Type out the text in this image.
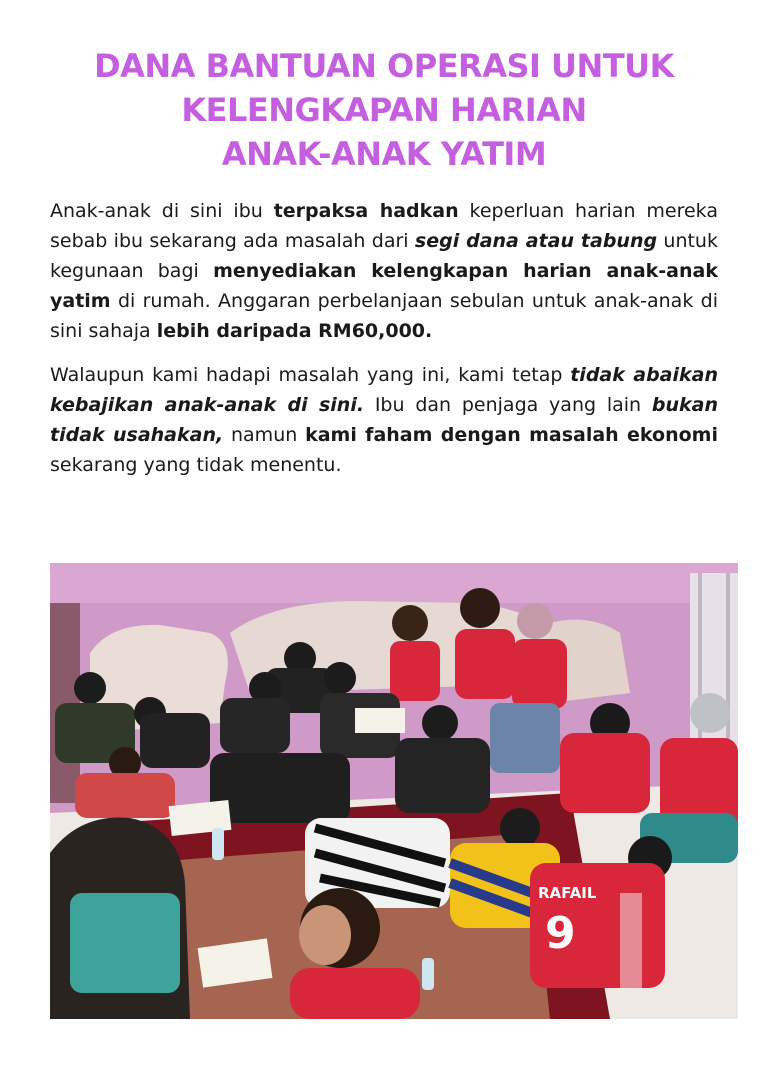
DANA BANTUAN OPERASI UNTUK
KELENGKAPAN HARIAN
ANAK-ANAK YATIM

Anak-anak di sini ibu terpaksa hadkan keperluan harian mereka sebab ibu sekarang ada masalah dari segi dana atau tabung untuk kegunaan bagi menyediakan kelengkapan harian anak-anak yatim di rumah. Anggaran perbelanjaan sebulan untuk anak-anak di sini sahaja lebih daripada RM60,000.

Walaupun kami hadapi masalah yang ini, kami tetap tidak abaikan kebajikan anak-anak di sini. Ibu dan penjaga yang lain bukan tidak usahakan, namun kami faham dengan masalah ekonomi sekarang yang tidak menentu.

RAFAIL
9
